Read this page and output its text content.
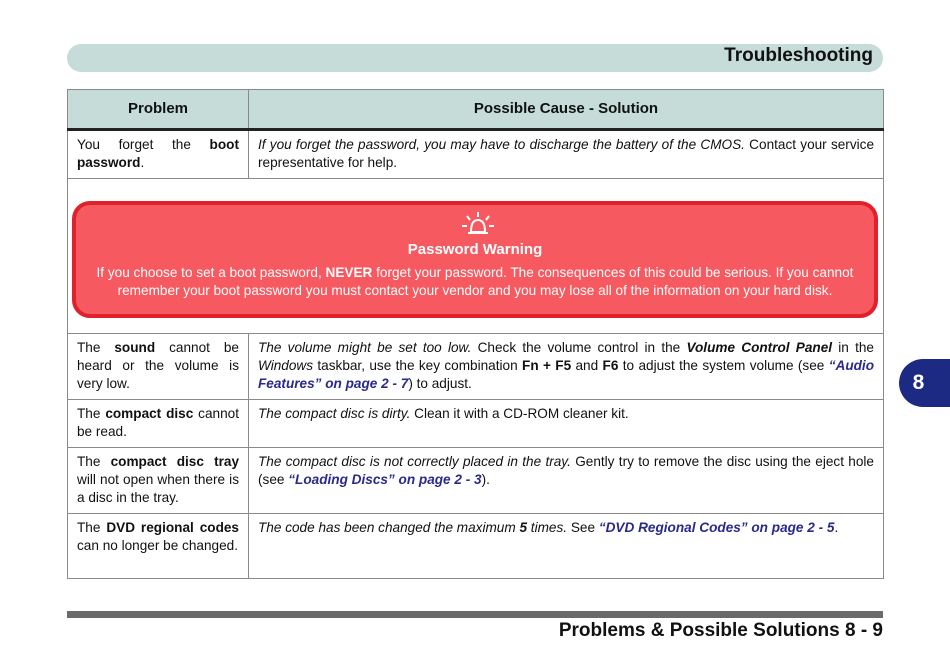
Troubleshooting
8
Problem	Possible Cause - Solution
You forget the boot password.	If you forget the password, you may have to discharge the battery of the CMOS. Contact your service representative for help.

Password Warning
If you choose to set a boot password, NEVER forget your password. The consequences of this could be serious. If you cannot remember your boot password you must contact your vendor and you may lose all of the information on your hard disk.	

The sound cannot be heard or the volume is very low.	The volume might be set too low. Check the volume control in the Volume Control Panel in the Windows taskbar, use the key combination Fn + F5 and F6 to adjust the system volume (see “Audio Features” on page 2 - 7) to adjust.
The compact disc cannot be read.	The compact disc is dirty. Clean it with a CD-ROM cleaner kit.
The compact disc tray will not open when there is a disc in the tray.	The compact disc is not correctly placed in the tray. Gently try to remove the disc using the eject hole (see “Loading Discs” on page 2 - 3).
The DVD regional codes can no longer be changed.	The code has been changed the maximum 5 times. See “DVD Regional Codes” on page 2 - 5.
Problems & Possible Solutions 8 - 9
